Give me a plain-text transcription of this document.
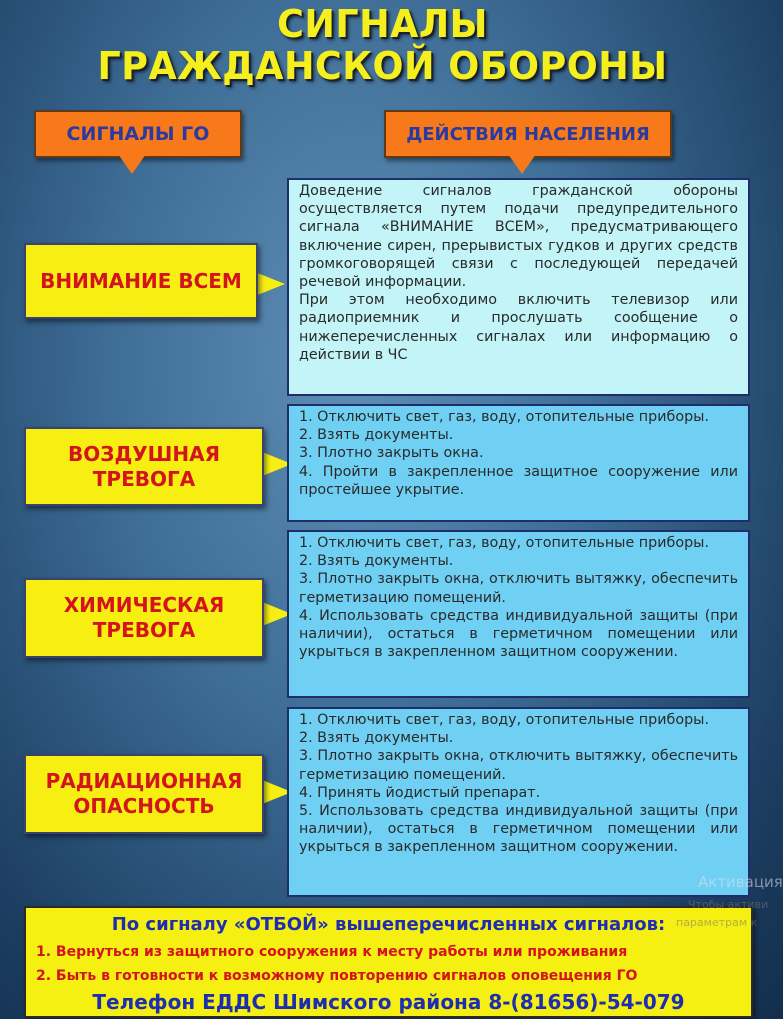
СИГНАЛЫ
ГРАЖДАНСКОЙ ОБОРОНЫ
СИГНАЛЫ ГО	ДЕЙСТВИЯ НАСЕЛЕНИЯ
ВНИМАНИЕ ВСЕМ

Доведение сигналов гражданской обороны осуществляется путем подачи предупредительного сигнала «ВНИМАНИЕ ВСЕМ», предусматривающего включение сирен, прерывистых гудков и других средств громкоговорящей связи с последующей передачей речевой информации.

При этом необходимо включить телевизор или радиоприемник и прослушать сообщение о нижеперечисленных сигналах или информацию о действии в ЧС

ВОЗДУШНАЯ ТРЕВОГА

1. Отключить свет, газ, воду, отопительные приборы.

2. Взять документы.

3. Плотно закрыть окна.

4. Пройти в закрепленное защитное сооружение или простейшее укрытие.

ХИМИЧЕСКАЯ ТРЕВОГА

1. Отключить свет, газ, воду, отопительные приборы.

2. Взять документы.

3. Плотно закрыть окна, отключить вытяжку, обеспечить герметизацию помещений.

4. Использовать средства индивидуальной защиты (при наличии), остаться в герметичном помещении или укрыться в закрепленном защитном сооружении.

РАДИАЦИОННАЯ ОПАСНОСТЬ

1. Отключить свет, газ, воду, отопительные приборы.

2. Взять документы.

3. Плотно закрыть окна, отключить вытяжку, обеспечить герметизацию помещений.

4. Принять йодистый препарат.

5. Использовать средства индивидуальной защиты (при наличии), остаться в герметичном помещении или укрыться в закрепленном защитном сооружении.

Активация
По сигналу «ОТБОЙ» вышеперечисленных сигналов:
1. Вернуться из защитного сооружения к месту работы или проживания
2. Быть в готовности к возможному повторению сигналов оповещения ГО
Телефон ЕДДС Шимского района 8-(81656)-54-079
Чтобы активи
параметрам к
